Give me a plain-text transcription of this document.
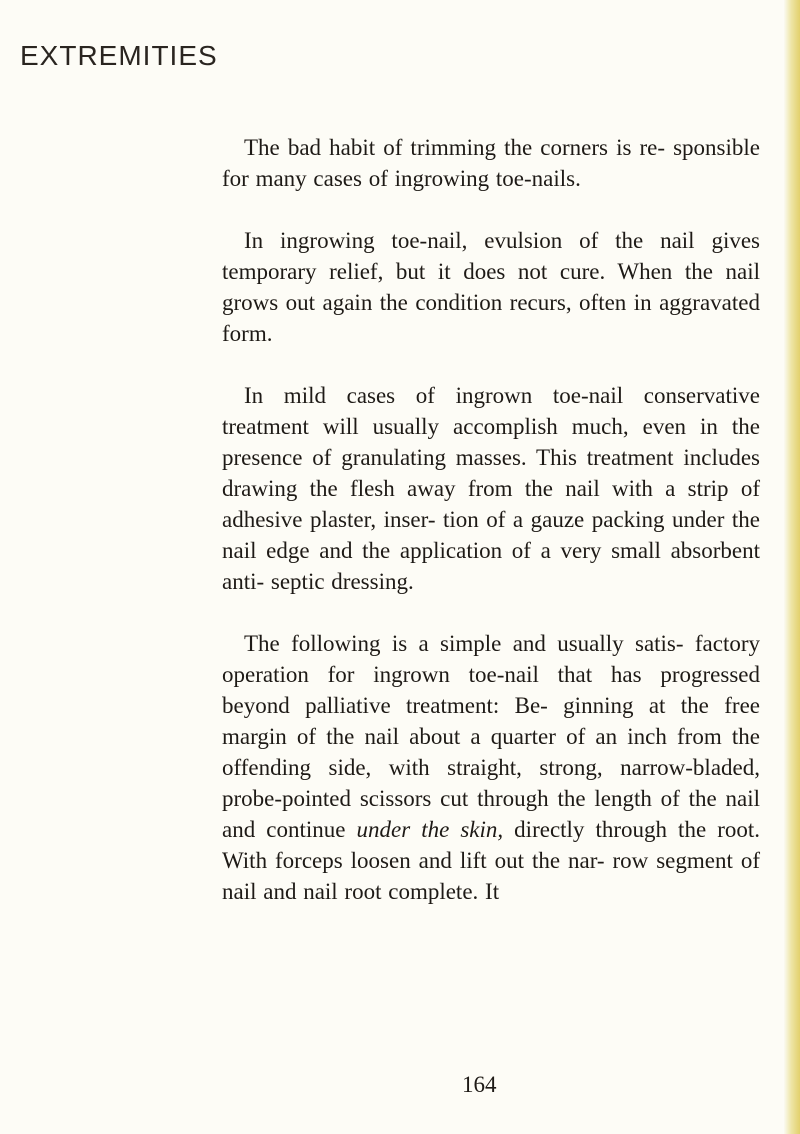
EXTREMITIES

The bad habit of trimming the corners is re- sponsible for many cases of ingrowing toe-nails.

In ingrowing toe-nail, evulsion of the nail gives temporary relief, but it does not cure. When the nail grows out again the condition recurs, often in aggravated form.

In mild cases of ingrown toe-nail conservative treatment will usually accomplish much, even in the presence of granulating masses. This treatment includes drawing the flesh away from the nail with a strip of adhesive plaster, inser- tion of a gauze packing under the nail edge and the application of a very small absorbent anti- septic dressing.

The following is a simple and usually satis- factory operation for ingrown toe-nail that has progressed beyond palliative treatment: Be- ginning at the free margin of the nail about a quarter of an inch from the offending side, with straight, strong, narrow-bladed, probe-pointed scissors cut through the length of the nail and continue under the skin, directly through the root. With forceps loosen and lift out the nar- row segment of nail and nail root complete. It

164
